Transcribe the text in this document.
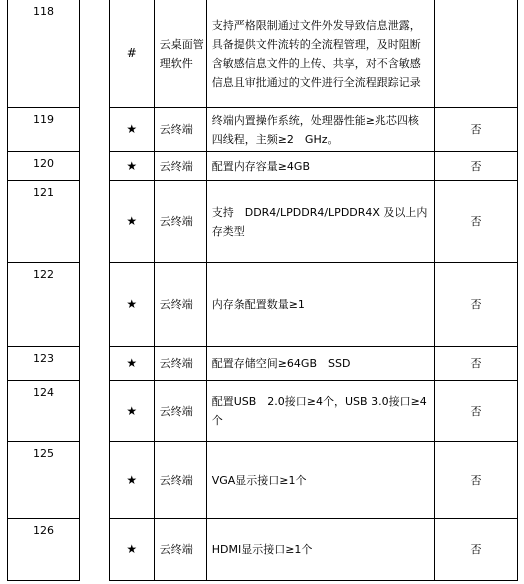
118		#	云桌面管理软件	支持严格限制通过文件外发导致信息泄露，具备提供文件流转的全流程管理，及时阻断含敏感信息文件的上传、共享，对不含敏感信息且审批通过的文件进行全流程跟踪记录		
119		★	云终端	终端内置操作系统，处理器性能≥兆芯四核四线程，主频≥2　GHz。	否	
120		★	云终端	配置内存容量≥4GB	否	
121		★	云终端	支持　DDR4/LPDDR4/LPDDR4X 及以上内存类型	否	
122		★	云终端	内存条配置数量≥1	否	
123		★	云终端	配置存储空间≥64GB　SSD	否	
124		★	云终端	配置USB　2.0接口≥4个，USB 3.0接口≥4个	否	
125		★	云终端	VGA显示接口≥1个	否	
126		★	云终端	HDMI显示接口≥1个	否	
